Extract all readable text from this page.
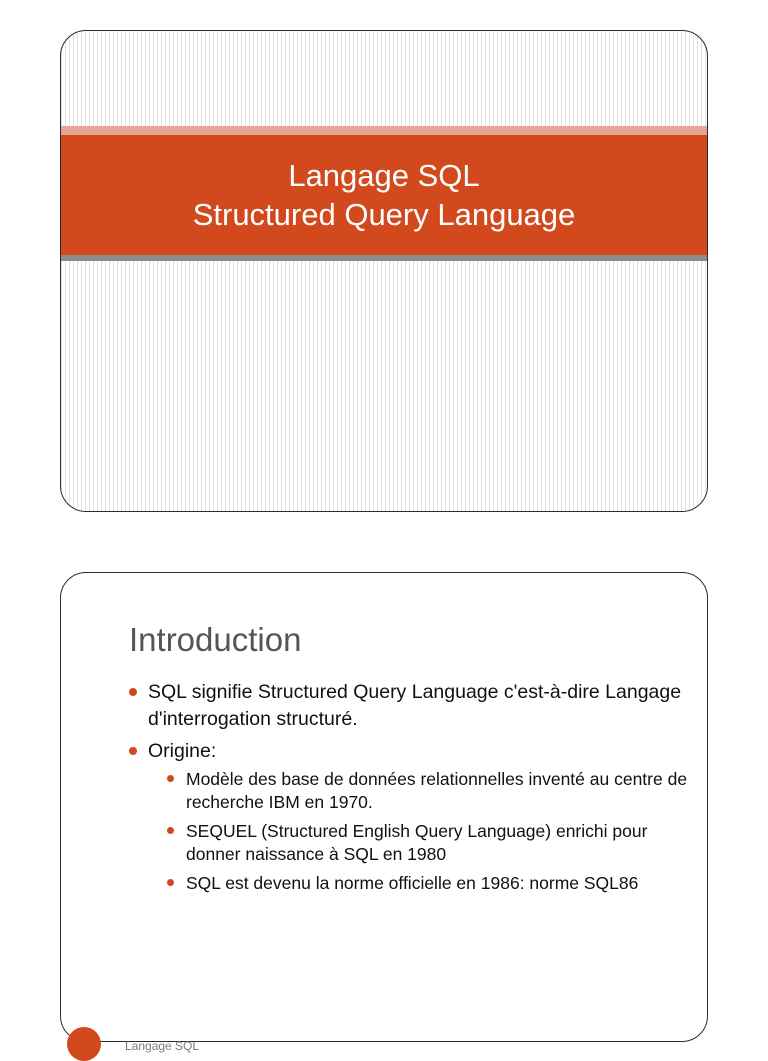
Langage SQL
Structured Query Language
Introduction
SQL signifie Structured Query Language c'est-à-dire Langage d'interrogation structuré.
Origine:
Modèle des base de données relationnelles inventé au centre de recherche IBM en 1970.
SEQUEL (Structured English Query Language) enrichi pour donner naissance à SQL en 1980
SQL est devenu la norme officielle en 1986: norme SQL86
Langage SQL
